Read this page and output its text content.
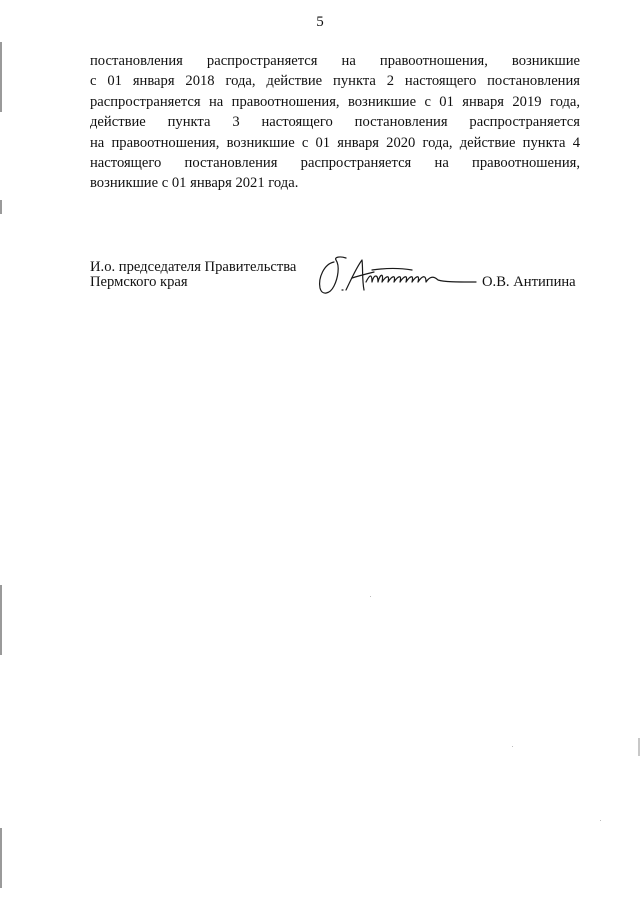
5
постановления распространяется на правоотношения, возникшие
с 01 января 2018 года, действие пункта 2 настоящего постановления
распространяется на правоотношения, возникшие с 01 января 2019 года,
действие пункта 3 настоящего постановления распространяется
на правоотношения, возникшие с 01 января 2020 года, действие пункта 4
настоящего постановления распространяется на правоотношения,
возникшие с 01 января 2021 года.
И.о. председателя Правительства
Пермского края	О.В. Антипина
